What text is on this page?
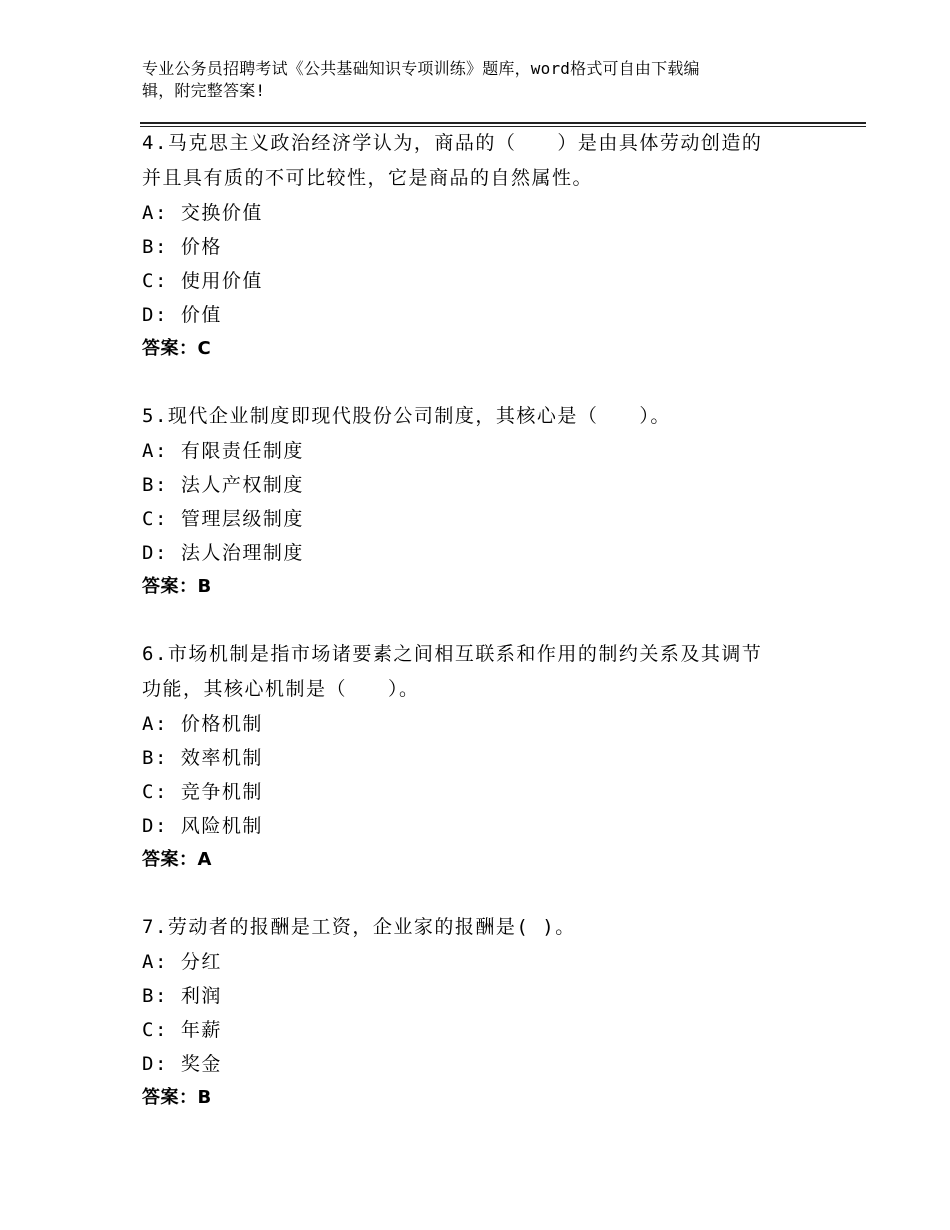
专业公务员招聘考试《公共基础知识专项训练》题库，word格式可自由下载编
辑，附完整答案!

4.马克思主义政治经济学认为，商品的（　　）是由具体劳动创造的

并且具有质的不可比较性，它是商品的自然属性。

A: 交换价值

B: 价格

C: 使用价值

D: 价值

答案：C

5.现代企业制度即现代股份公司制度，其核心是（　　）。

A: 有限责任制度

B: 法人产权制度

C: 管理层级制度

D: 法人治理制度

答案：B

6.市场机制是指市场诸要素之间相互联系和作用的制约关系及其调节

功能，其核心机制是（　　）。

A: 价格机制

B: 效率机制

C: 竞争机制

D: 风险机制

答案：A

7.劳动者的报酬是工资，企业家的报酬是( )。

A: 分红

B: 利润

C: 年薪

D: 奖金

答案：B
